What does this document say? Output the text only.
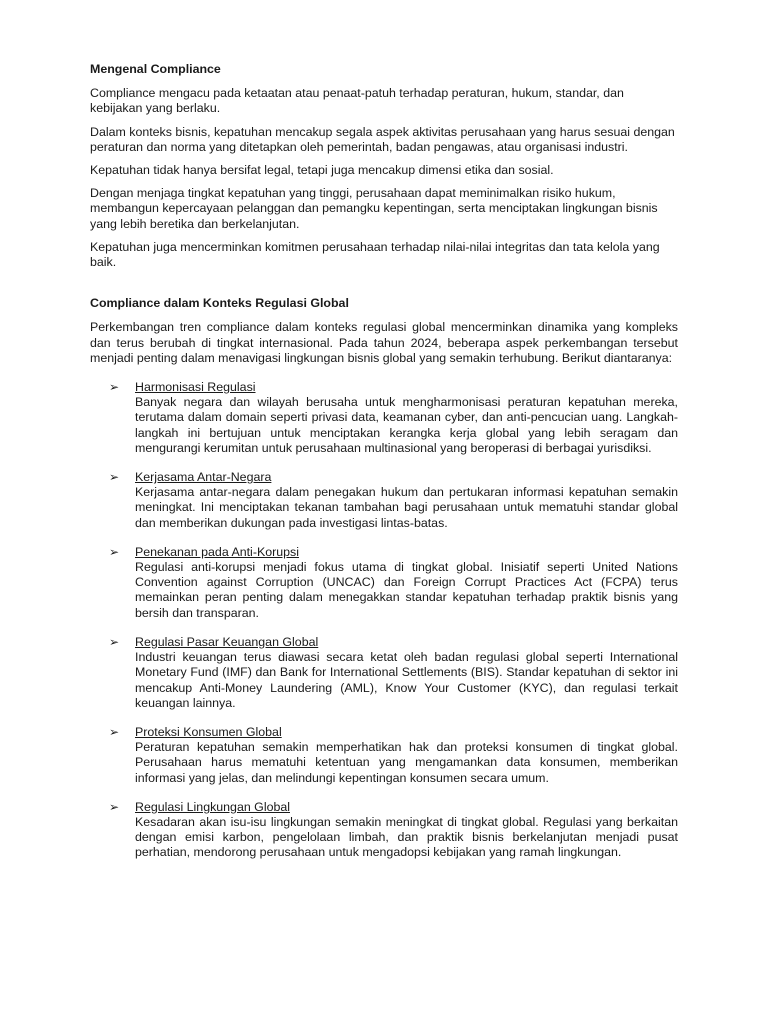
Mengenal Compliance

Compliance mengacu pada ketaatan atau penaat-patuh terhadap peraturan, hukum, standar, dan kebijakan yang berlaku.

Dalam konteks bisnis, kepatuhan mencakup segala aspek aktivitas perusahaan yang harus sesuai dengan peraturan dan norma yang ditetapkan oleh pemerintah, badan pengawas, atau organisasi industri.

Kepatuhan tidak hanya bersifat legal, tetapi juga mencakup dimensi etika dan sosial.

Dengan menjaga tingkat kepatuhan yang tinggi, perusahaan dapat meminimalkan risiko hukum, membangun kepercayaan pelanggan dan pemangku kepentingan, serta menciptakan lingkungan bisnis yang lebih beretika dan berkelanjutan.

Kepatuhan juga mencerminkan komitmen perusahaan terhadap nilai-nilai integritas dan tata kelola yang baik.

Compliance dalam Konteks Regulasi Global

Perkembangan tren compliance dalam konteks regulasi global mencerminkan dinamika yang kompleks dan terus berubah di tingkat internasional. Pada tahun 2024, beberapa aspek perkembangan tersebut menjadi penting dalam menavigasi lingkungan bisnis global yang semakin terhubung. Berikut diantaranya:

➢ Harmonisasi Regulasi
Banyak negara dan wilayah berusaha untuk mengharmonisasi peraturan kepatuhan mereka, terutama dalam domain seperti privasi data, keamanan cyber, dan anti-pencucian uang. Langkah-langkah ini bertujuan untuk menciptakan kerangka kerja global yang lebih seragam dan mengurangi kerumitan untuk perusahaan multinasional yang beroperasi di berbagai yurisdiksi.
➢ Kerjasama Antar-Negara
Kerjasama antar-negara dalam penegakan hukum dan pertukaran informasi kepatuhan semakin meningkat. Ini menciptakan tekanan tambahan bagi perusahaan untuk mematuhi standar global dan memberikan dukungan pada investigasi lintas-batas.
➢ Penekanan pada Anti-Korupsi
Regulasi anti-korupsi menjadi fokus utama di tingkat global. Inisiatif seperti United Nations Convention against Corruption (UNCAC) dan Foreign Corrupt Practices Act (FCPA) terus memainkan peran penting dalam menegakkan standar kepatuhan terhadap praktik bisnis yang bersih dan transparan.
➢ Regulasi Pasar Keuangan Global
Industri keuangan terus diawasi secara ketat oleh badan regulasi global seperti International Monetary Fund (IMF) dan Bank for International Settlements (BIS). Standar kepatuhan di sektor ini mencakup Anti-Money Laundering (AML), Know Your Customer (KYC), dan regulasi terkait keuangan lainnya.
➢ Proteksi Konsumen Global
Peraturan kepatuhan semakin memperhatikan hak dan proteksi konsumen di tingkat global. Perusahaan harus mematuhi ketentuan yang mengamankan data konsumen, memberikan informasi yang jelas, dan melindungi kepentingan konsumen secara umum.
➢ Regulasi Lingkungan Global
Kesadaran akan isu-isu lingkungan semakin meningkat di tingkat global. Regulasi yang berkaitan dengan emisi karbon, pengelolaan limbah, dan praktik bisnis berkelanjutan menjadi pusat perhatian, mendorong perusahaan untuk mengadopsi kebijakan yang ramah lingkungan.
